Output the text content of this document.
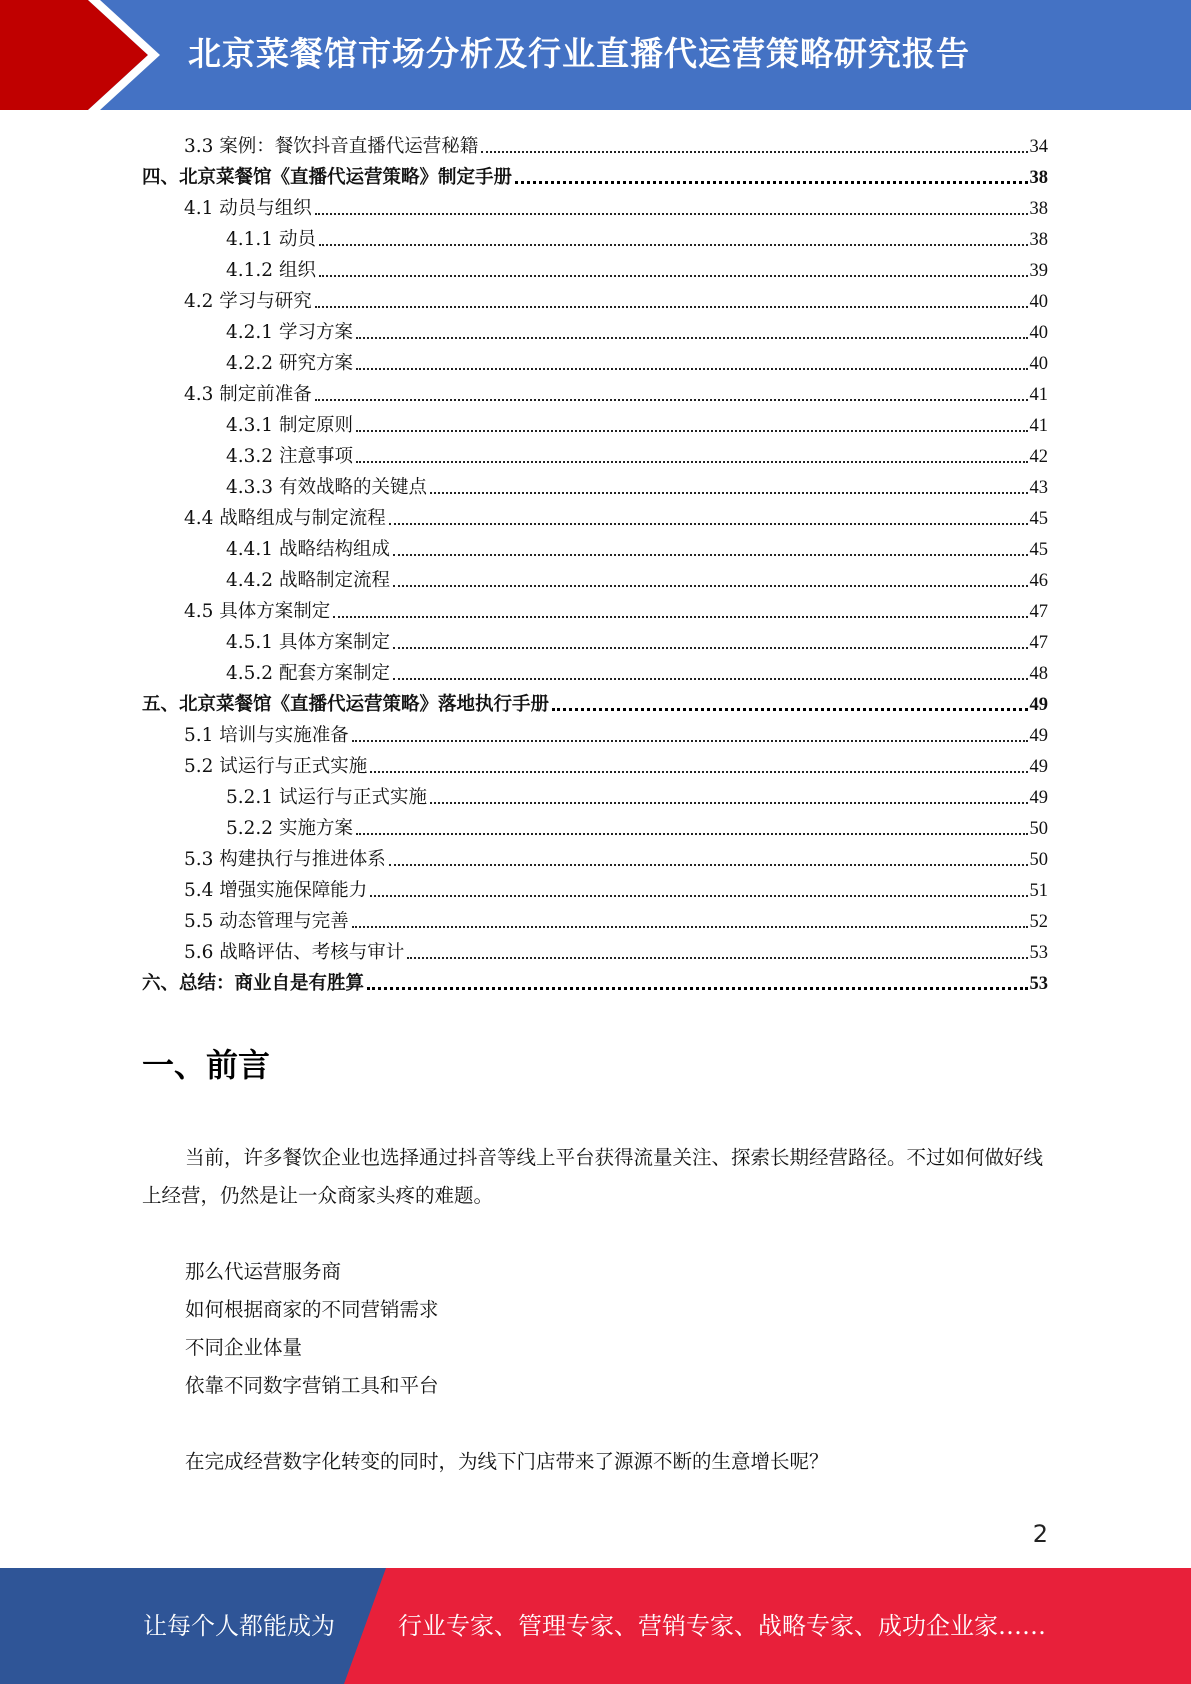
北京菜餐馆市场分析及行业直播代运营策略研究报告
3.3 案例：餐饮抖音直播代运营秘籍	34
四、北京菜餐馆《直播代运营策略》制定手册	38
4.1 动员与组织	38
4.1.1 动员	38
4.1.2 组织	39
4.2 学习与研究	40
4.2.1 学习方案	40
4.2.2 研究方案	40
4.3 制定前准备	41
4.3.1 制定原则	41
4.3.2 注意事项	42
4.3.3 有效战略的关键点	43
4.4 战略组成与制定流程	45
4.4.1 战略结构组成	45
4.4.2 战略制定流程	46
4.5 具体方案制定	47
4.5.1 具体方案制定	47
4.5.2 配套方案制定	48
五、北京菜餐馆《直播代运营策略》落地执行手册	49
5.1 培训与实施准备	49
5.2 试运行与正式实施	49
5.2.1 试运行与正式实施	49
5.2.2 实施方案	50
5.3 构建执行与推进体系	50
5.4 增强实施保障能力	51
5.5 动态管理与完善	52
5.6 战略评估、考核与审计	53
六、总结：商业自是有胜算	53
一、前言
当前，许多餐饮企业也选择通过抖音等线上平台获得流量关注、探索长期经营路径。不过如何做好线上经营，仍然是让一众商家头疼的难题。
那么代运营服务商
如何根据商家的不同营销需求
不同企业体量
依靠不同数字营销工具和平台
在完成经营数字化转变的同时，为线下门店带来了源源不断的生意增长呢？
2
让每个人都能成为	行业专家、管理专家、营销专家、战略专家、成功企业家……
